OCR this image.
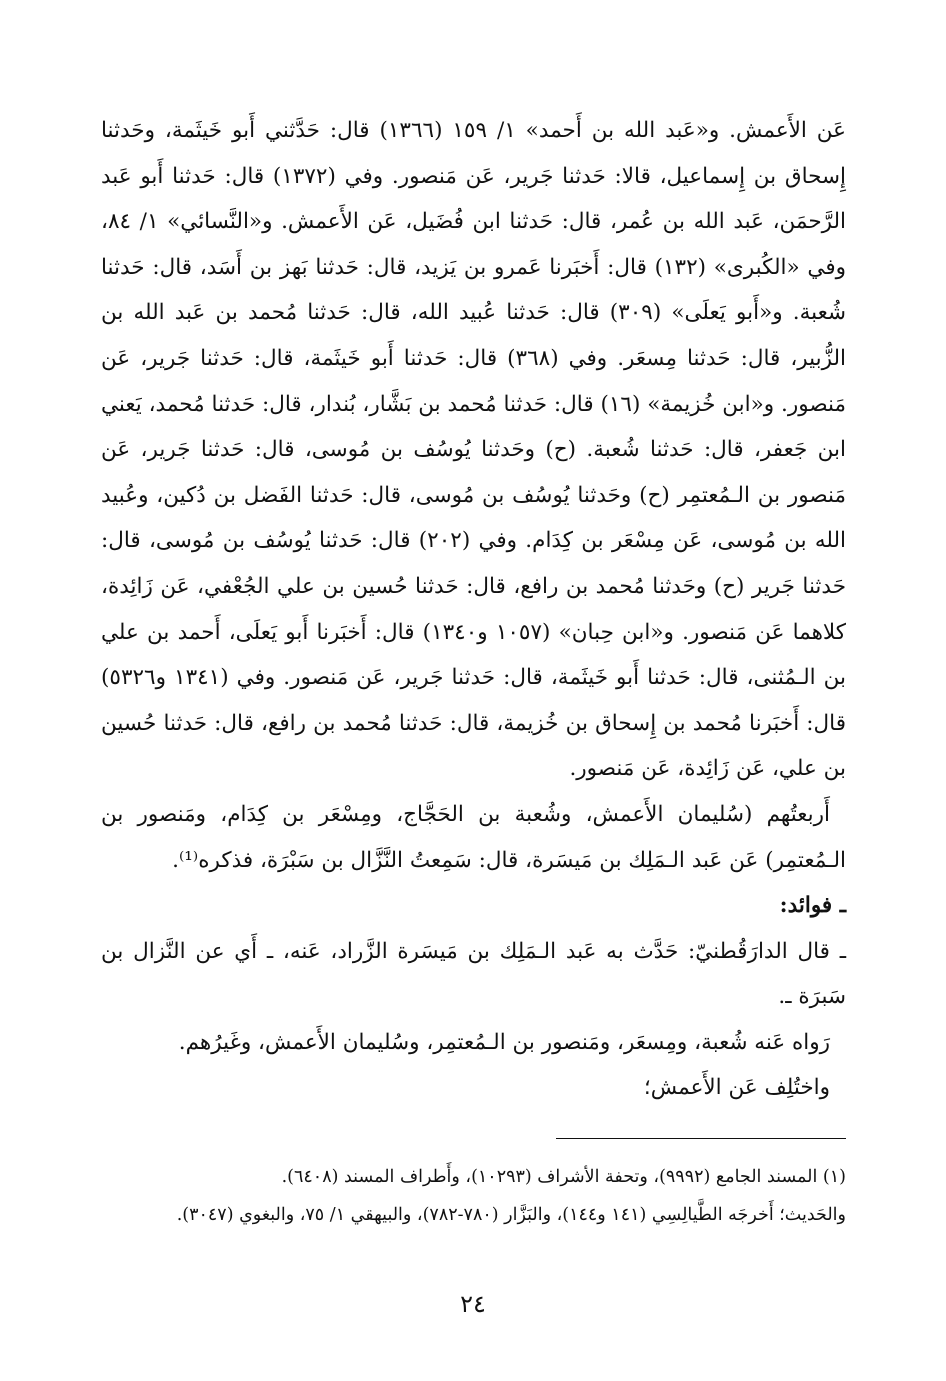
عَن الأَعمش. و«عَبد الله بن أَحمد» ١/ ١٥٩ (١٣٦٦) قال: حَدَّثني أَبو خَيثَمة، وحَدثنا إِسحاق بن إِسماعيل، قالا: حَدثنا جَرير، عَن مَنصور. وفي (١٣٧٢) قال: حَدثنا أَبو عَبد الرَّحمَن، عَبد الله بن عُمر، قال: حَدثنا ابن فُضَيل، عَن الأَعمش. و«النَّسائي» ١/ ٨٤، وفي «الكُبرى» (١٣٢) قال: أَخبَرنا عَمرو بن يَزيد، قال: حَدثنا بَهز بن أَسَد، قال: حَدثنا شُعبة. و«أَبو يَعلَى» (٣٠٩) قال: حَدثنا عُبيد الله، قال: حَدثنا مُحمد بن عَبد الله بن الزُّبير، قال: حَدثنا مِسعَر. وفي (٣٦٨) قال: حَدثنا أَبو خَيثَمة، قال: حَدثنا جَرير، عَن مَنصور. و«ابن خُزيمة» (١٦) قال: حَدثنا مُحمد بن بَشَّار، بُندار، قال: حَدثنا مُحمد، يَعني ابن جَعفر، قال: حَدثنا شُعبة. (ح) وحَدثنا يُوسُف بن مُوسى، قال: حَدثنا جَرير، عَن مَنصور بن الـمُعتمِر (ح) وحَدثنا يُوسُف بن مُوسى، قال: حَدثنا الفَضل بن دُكين، وعُبيد الله بن مُوسى، عَن مِسْعَر بن كِدَام. وفي (٢٠٢) قال: حَدثنا يُوسُف بن مُوسى، قال: حَدثنا جَرير (ح) وحَدثنا مُحمد بن رافع، قال: حَدثنا حُسين بن علي الجُعْفي، عَن زَائِدة، كلاهما عَن مَنصور. و«ابن حِبان» (١٠٥٧ و١٣٤٠) قال: أَخبَرنا أَبو يَعلَى، أَحمد بن علي بن الـمُثنى، قال: حَدثنا أَبو خَيثَمة، قال: حَدثنا جَرير، عَن مَنصور. وفي (١٣٤١ و٥٣٢٦) قال: أَخبَرنا مُحمد بن إِسحاق بن خُزيمة، قال: حَدثنا مُحمد بن رافع، قال: حَدثنا حُسين بن علي، عَن زَائِدة، عَن مَنصور.

أَربعتُهم (سُليمان الأَعمش، وشُعبة بن الحَجَّاج، ومِسْعَر بن كِدَام، ومَنصور بن الـمُعتمِر) عَن عَبد الـمَلِك بن مَيسَرة، قال: سَمِعتُ النَّزَّال بن سَبْرَة، فذكره⁽¹⁾.

ـ فوائد:

ـ قال الدارَقُطنيّ: حَدَّث به عَبد الـمَلِك بن مَيسَرة الزَّراد، عَنه، ـ أَي عن النَّزال بن سَبرَة ـ.

رَواه عَنه شُعبة، ومِسعَر، ومَنصور بن الـمُعتمِر، وسُليمان الأَعمش، وغَيرُهم.

واختُلِف عَن الأَعمش؛

(١) المسند الجامع (٩٩٩٢)، وتحفة الأشراف (١٠٢٩٣)، وأَطراف المسند (٦٤٠٨).

والحَديث؛ أَخرجَه الطَّيالِسِي (١٤١ و١٤٤)، والبَزَّار (٧٨٠-٧٨٢)، والبيهقي ١/ ٧٥، والبغوي (٣٠٤٧).

٢٤
